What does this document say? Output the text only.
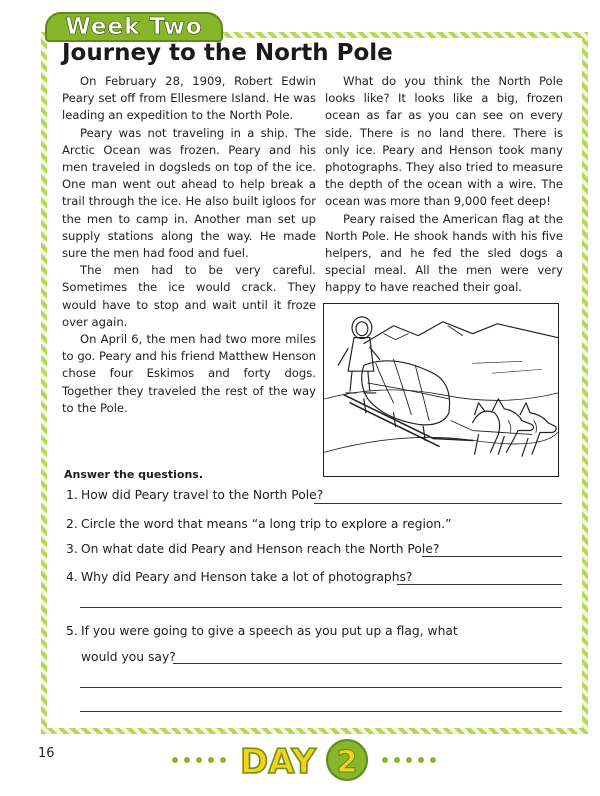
Week Two
Journey to the North Pole

On February 28, 1909, Robert Edwin Peary set off from Ellesmere Island. He was leading an expedition to the North Pole.

Peary was not traveling in a ship. The Arctic Ocean was frozen. Peary and his men traveled in dogsleds on top of the ice. One man went out ahead to help break a trail through the ice. He also built igloos for the men to camp in. Another man set up supply stations along the way. He made sure the men had food and fuel.

The men had to be very careful. Sometimes the ice would crack. They would have to stop and wait until it froze over again.

On April 6, the men had two more miles to go. Peary and his friend Matthew Henson chose four Eskimos and forty dogs. Together they traveled the rest of the way to the Pole.

What do you think the North Pole looks like? It looks like a big, frozen ocean as far as you can see on every side. There is no land there. There is only ice. Peary and Henson took many photographs. They also tried to measure the depth of the ocean with a wire. The ocean was more than 9,000 feet deep!

Peary raised the American flag at the North Pole. He shook hands with his five helpers, and he fed the sled dogs a special meal. All the men were very happy to have reached their goal.

Answer the questions.

1. How did Peary travel to the North Pole?
2. Circle the word that means “a long trip to explore a region.”
3. On what date did Peary and Henson reach the North Pole?
4. Why did Peary and Henson take a lot of photographs?
5. If you were going to give a speech as you put up a flag, what
would you say?
16	DAY 2
